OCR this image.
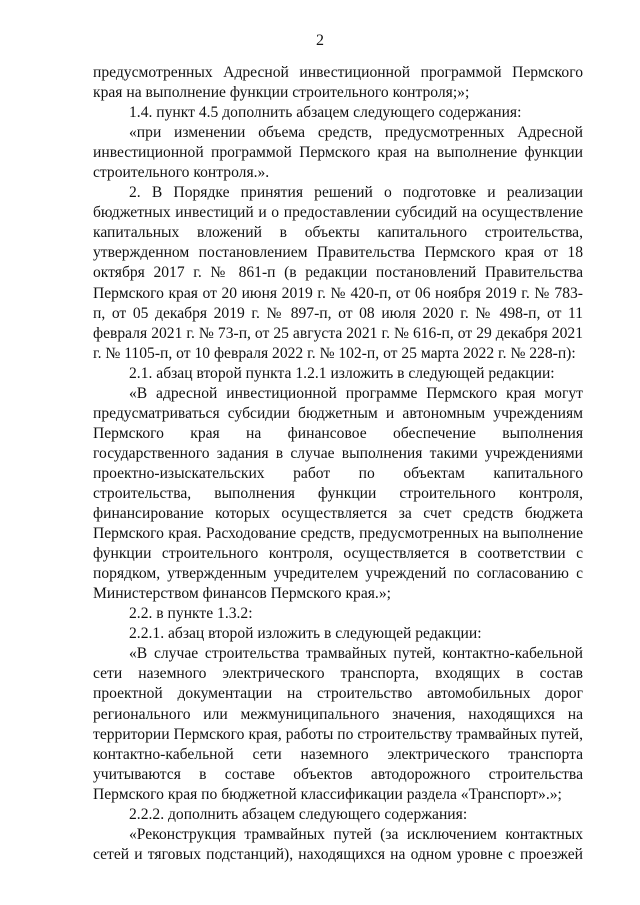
2

предусмотренных Адресной инвестиционной программой Пермского края на выполнение функции строительного контроля;»;

1.4. пункт 4.5 дополнить абзацем следующего содержания:

«при изменении объема средств, предусмотренных Адресной инвестиционной программой Пермского края на выполнение функции строительного контроля.».

2. В Порядке принятия решений о подготовке и реализации бюджетных инвестиций и о предоставлении субсидий на осуществление капитальных вложений в объекты капитального строительства, утвержденном постановлением Правительства Пермского края от 18 октября 2017 г. № 861-п (в редакции постановлений Правительства Пермского края от 20 июня 2019 г. № 420-п, от 06 ноября 2019 г. № 783-п, от 05 декабря 2019 г. № 897-п, от 08 июля 2020 г. № 498-п, от 11 февраля 2021 г. № 73-п, от 25 августа 2021 г. № 616-п, от 29 декабря 2021 г. № 1105-п, от 10 февраля 2022 г. № 102-п, от 25 марта 2022 г. № 228-п):

2.1. абзац второй пункта 1.2.1 изложить в следующей редакции:

«В адресной инвестиционной программе Пермского края могут предусматриваться субсидии бюджетным и автономным учреждениям Пермского края на финансовое обеспечение выполнения государственного задания в случае выполнения такими учреждениями проектно-изыскательских работ по объектам капитального строительства, выполнения функции строительного контроля, финансирование которых осуществляется за счет средств бюджета Пермского края. Расходование средств, предусмотренных на выполнение функции строительного контроля, осуществляется в соответствии с порядком, утвержденным учредителем учреждений по согласованию с Министерством финансов Пермского края.»;

2.2. в пункте 1.3.2:

2.2.1. абзац второй изложить в следующей редакции:

«В случае строительства трамвайных путей, контактно-кабельной сети наземного электрического транспорта, входящих в состав проектной документации на строительство автомобильных дорог регионального или межмуниципального значения, находящихся на территории Пермского края, работы по строительству трамвайных путей, контактно-кабельной сети наземного электрического транспорта учитываются в составе объектов автодорожного строительства Пермского края по бюджетной классификации раздела «Транспорт».»;

2.2.2. дополнить абзацем следующего содержания:

«Реконструкция трамвайных путей (за исключением контактных сетей и тяговых подстанций), находящихся на одном уровне с проезжей
